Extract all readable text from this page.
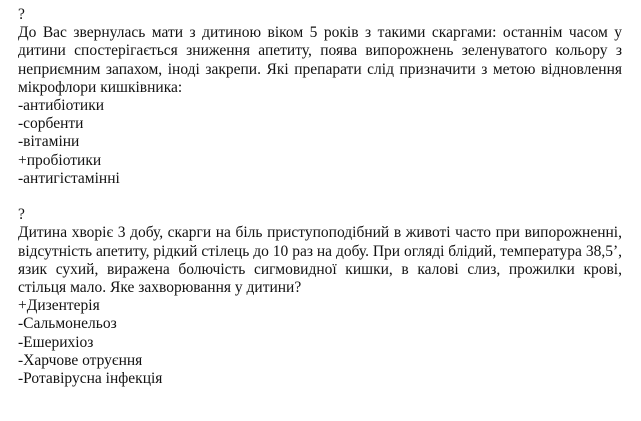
?
До Вас звернулась мати з дитиною віком 5 років з такими скаргами: останнім часом у дитини спостерігається зниження апетиту, поява випорожнень зеленуватого кольору з неприємним запахом, іноді закрепи. Які препарати слід призначити з метою відновлення мікрофлори кишківника:
-антибіотики
-сорбенти
-вітаміни
+пробіотики
-антигістамінні
?
Дитина хворіє 3 добу, скарги на біль приступоподібний в животі часто при випорожненні, відсутність апетиту, рідкий стілець до 10 раз на добу. При огляді блідий, температура 38,5’, язик сухий, виражена болючість сигмовидної кишки, в калові слиз, прожилки крові, стільця мало. Яке захворювання у дитини?
+Дизентерія
-Сальмонельоз
-Ешерихіоз
-Харчове отруєння
-Ротавірусна інфекція
